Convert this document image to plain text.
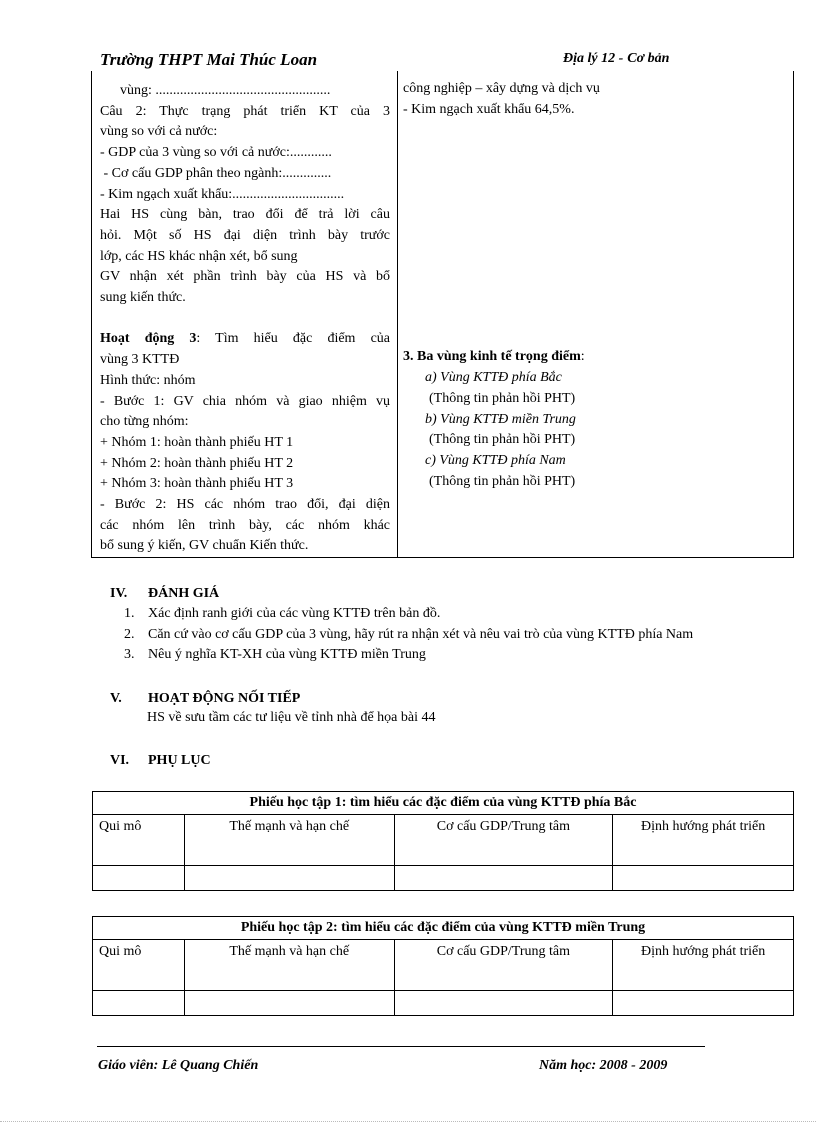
Trường THPT Mai Thúc Loan	Địa lý 12 - Cơ bản
vùng: ..................................................
Câu 2: Thực trạng phát triển KT của 3
vùng so với cả nước:
- GDP của 3 vùng so với cả nước:............
- Cơ cấu GDP phân theo ngành:..............
- Kim ngạch xuất khẩu:................................
Hai HS cùng bàn, trao đổi để trả lời câu
hỏi. Một số HS đại diện trình bày trước
lớp, các HS khác nhận xét, bổ sung
GV nhận xét phần trình bày của HS và bổ
sung kiến thức.
Hoạt động 3: Tìm hiểu đặc điểm của
vùng 3 KTTĐ
Hình thức: nhóm
- Bước 1: GV chia nhóm và giao nhiệm vụ
cho từng nhóm:
+ Nhóm 1: hoàn thành phiếu HT 1
+ Nhóm 2: hoàn thành phiếu HT 2
+ Nhóm 3: hoàn thành phiếu HT 3
- Bước 2: HS các nhóm trao đổi, đại diện
các nhóm lên trình bày, các nhóm khác
bổ sung ý kiến, GV chuẩn Kiến thức.
công nghiệp – xây dựng và dịch vụ
- Kim ngạch xuất khẩu 64,5%.
3. Ba vùng kinh tế trọng điểm:
a) Vùng KTTĐ phía Bắc
(Thông tin phản hồi PHT)
b) Vùng KTTĐ miền Trung
(Thông tin phản hồi PHT)
c) Vùng KTTĐ phía Nam
(Thông tin phản hồi PHT)
IV.	ĐÁNH GIÁ
1. Xác định ranh giới của các vùng KTTĐ trên bản đồ.
2. Căn cứ vào cơ cấu GDP của 3 vùng, hãy rút ra nhận xét và nêu vai trò của vùng KTTĐ phía Nam
3. Nêu ý nghĩa KT-XH của vùng KTTĐ miền Trung
V.	HOẠT ĐỘNG NỐI TIẾP
HS về sưu tầm các tư liệu về tỉnh nhà để họa bài 44
VI.	PHỤ LỤC
Phiếu học tập 1: tìm hiểu các đặc điểm của vùng KTTĐ phía Bắc			
Qui mô	Thế mạnh và hạn chế	Cơ cấu GDP/Trung tâm	Định hướng phát triển

Phiếu học tập 2: tìm hiểu các đặc điểm của vùng KTTĐ miền Trung			
Qui mô	Thế mạnh và hạn chế	Cơ cấu GDP/Trung tâm	Định hướng phát triển

Giáo viên: Lê Quang Chiến	Năm học: 2008 - 2009
